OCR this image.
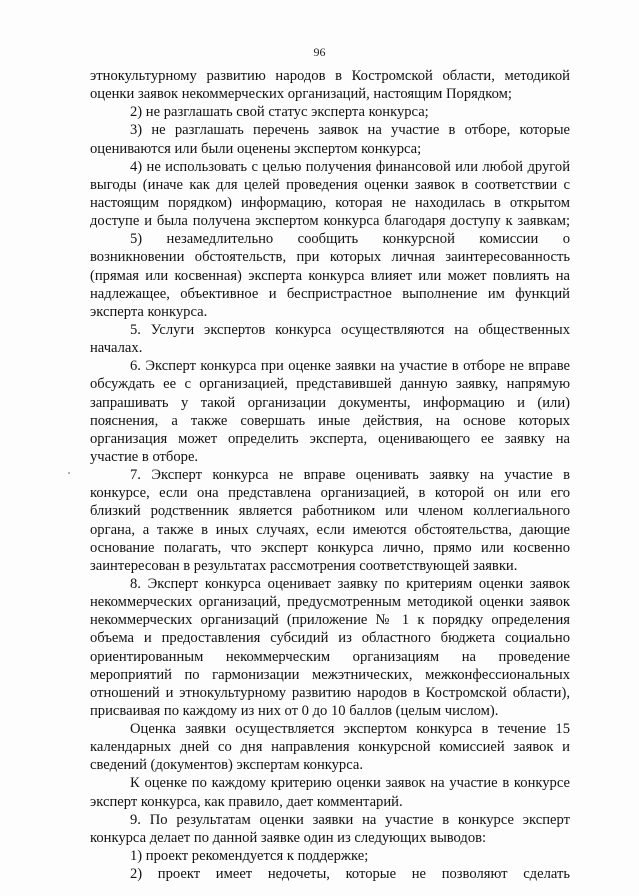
96
этнокультурному развитию народов в Костромской области, методикой
оценки заявок некоммерческих организаций, настоящим Порядком;
2) не разглашать свой статус эксперта конкурса;
3) не разглашать перечень заявок на участие в отборе, которые
оцениваются или были оценены экспертом конкурса;
4) не использовать с целью получения финансовой или любой другой
выгоды (иначе как для целей проведения оценки заявок в соответствии с
настоящим порядком) информацию, которая не находилась в открытом
доступе и была получена экспертом конкурса благодаря доступу к заявкам;
5) незамедлительно сообщить конкурсной комиссии о
возникновении обстоятельств, при которых личная заинтересованность
(прямая или косвенная) эксперта конкурса влияет или может повлиять на
надлежащее, объективное и беспристрастное выполнение им функций
эксперта конкурса.
5. Услуги экспертов конкурса осуществляются на общественных
началах.
6. Эксперт конкурса при оценке заявки на участие в отборе не вправе
обсуждать ее с организацией, представившей данную заявку, напрямую
запрашивать у такой организации документы, информацию и (или)
пояснения, а также совершать иные действия, на основе которых
организация может определить эксперта, оценивающего ее заявку на
участие в отборе.
7. Эксперт конкурса не вправе оценивать заявку на участие в
конкурсе, если она представлена организацией, в которой он или его
близкий родственник является работником или членом коллегиального
органа, а также в иных случаях, если имеются обстоятельства, дающие
основание полагать, что эксперт конкурса лично, прямо или косвенно
заинтересован в результатах рассмотрения соответствующей заявки.
8. Эксперт конкурса оценивает заявку по критериям оценки заявок
некоммерческих организаций, предусмотренным методикой оценки заявок
некоммерческих организаций (приложение № 1 к порядку определения
объема и предоставления субсидий из областного бюджета социально
ориентированным некоммерческим организациям на проведение
мероприятий по гармонизации межэтнических, межконфессиональных
отношений и этнокультурному развитию народов в Костромской области),
присваивая по каждому из них от 0 до 10 баллов (целым числом).
Оценка заявки осуществляется экспертом конкурса в течение 15
календарных дней со дня направления конкурсной комиссией заявок и
сведений (документов) экспертам конкурса.
К оценке по каждому критерию оценки заявок на участие в конкурсе
эксперт конкурса, как правило, дает комментарий.
9. По результатам оценки заявки на участие в конкурсе эксперт
конкурса делает по данной заявке один из следующих выводов:
1) проект рекомендуется к поддержке;
2) проект имеет недочеты, которые не позволяют сделать
